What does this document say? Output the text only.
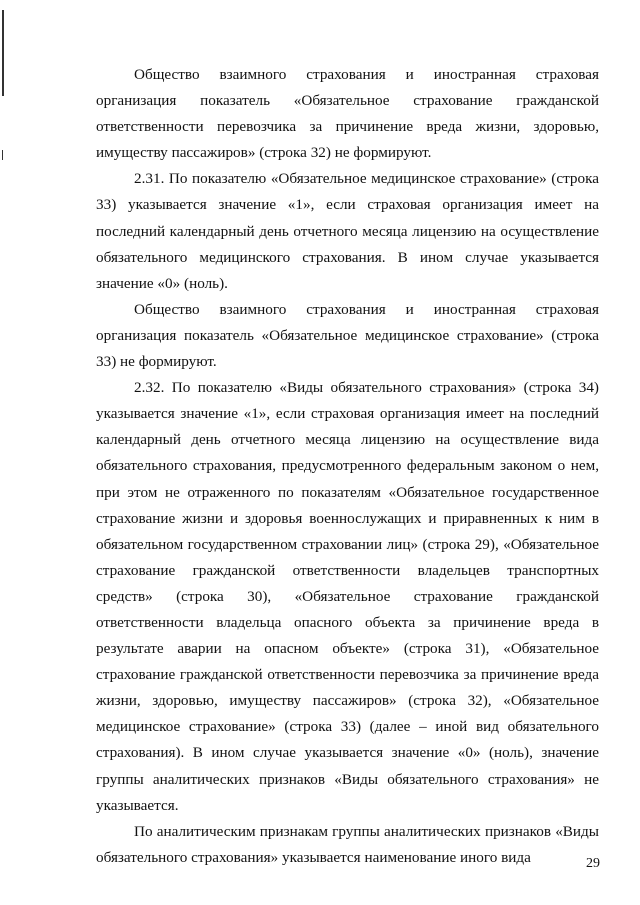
Общество взаимного страхования и иностранная страховая организация показатель «Обязательное страхование гражданской ответственности перевозчика за причинение вреда жизни, здоровью, имуществу пассажиров» (строка 32) не формируют.

2.31. По показателю «Обязательное медицинское страхование» (строка 33) указывается значение «1», если страховая организация имеет на последний календарный день отчетного месяца лицензию на осуществление обязательного медицинского страхования. В ином случае указывается значение «0» (ноль).

Общество взаимного страхования и иностранная страховая организация показатель «Обязательное медицинское страхование» (строка 33) не формируют.

2.32. По показателю «Виды обязательного страхования» (строка 34) указывается значение «1», если страховая организация имеет на последний календарный день отчетного месяца лицензию на осуществление вида обязательного страхования, предусмотренного федеральным законом о нем, при этом не отраженного по показателям «Обязательное государственное страхование жизни и здоровья военнослужащих и приравненных к ним в обязательном государственном страховании лиц» (строка 29), «Обязательное страхование гражданской ответственности владельцев транспортных средств» (строка 30), «Обязательное страхование гражданской ответственности владельца опасного объекта за причинение вреда в результате аварии на опасном объекте» (строка 31), «Обязательное страхование гражданской ответственности перевозчика за причинение вреда жизни, здоровью, имуществу пассажиров» (строка 32), «Обязательное медицинское страхование» (строка 33) (далее – иной вид обязательного страхования). В ином случае указывается значение «0» (ноль), значение группы аналитических признаков «Виды обязательного страхования» не указывается.

По аналитическим признакам группы аналитических признаков «Виды обязательного страхования» указывается наименование иного вида	29
